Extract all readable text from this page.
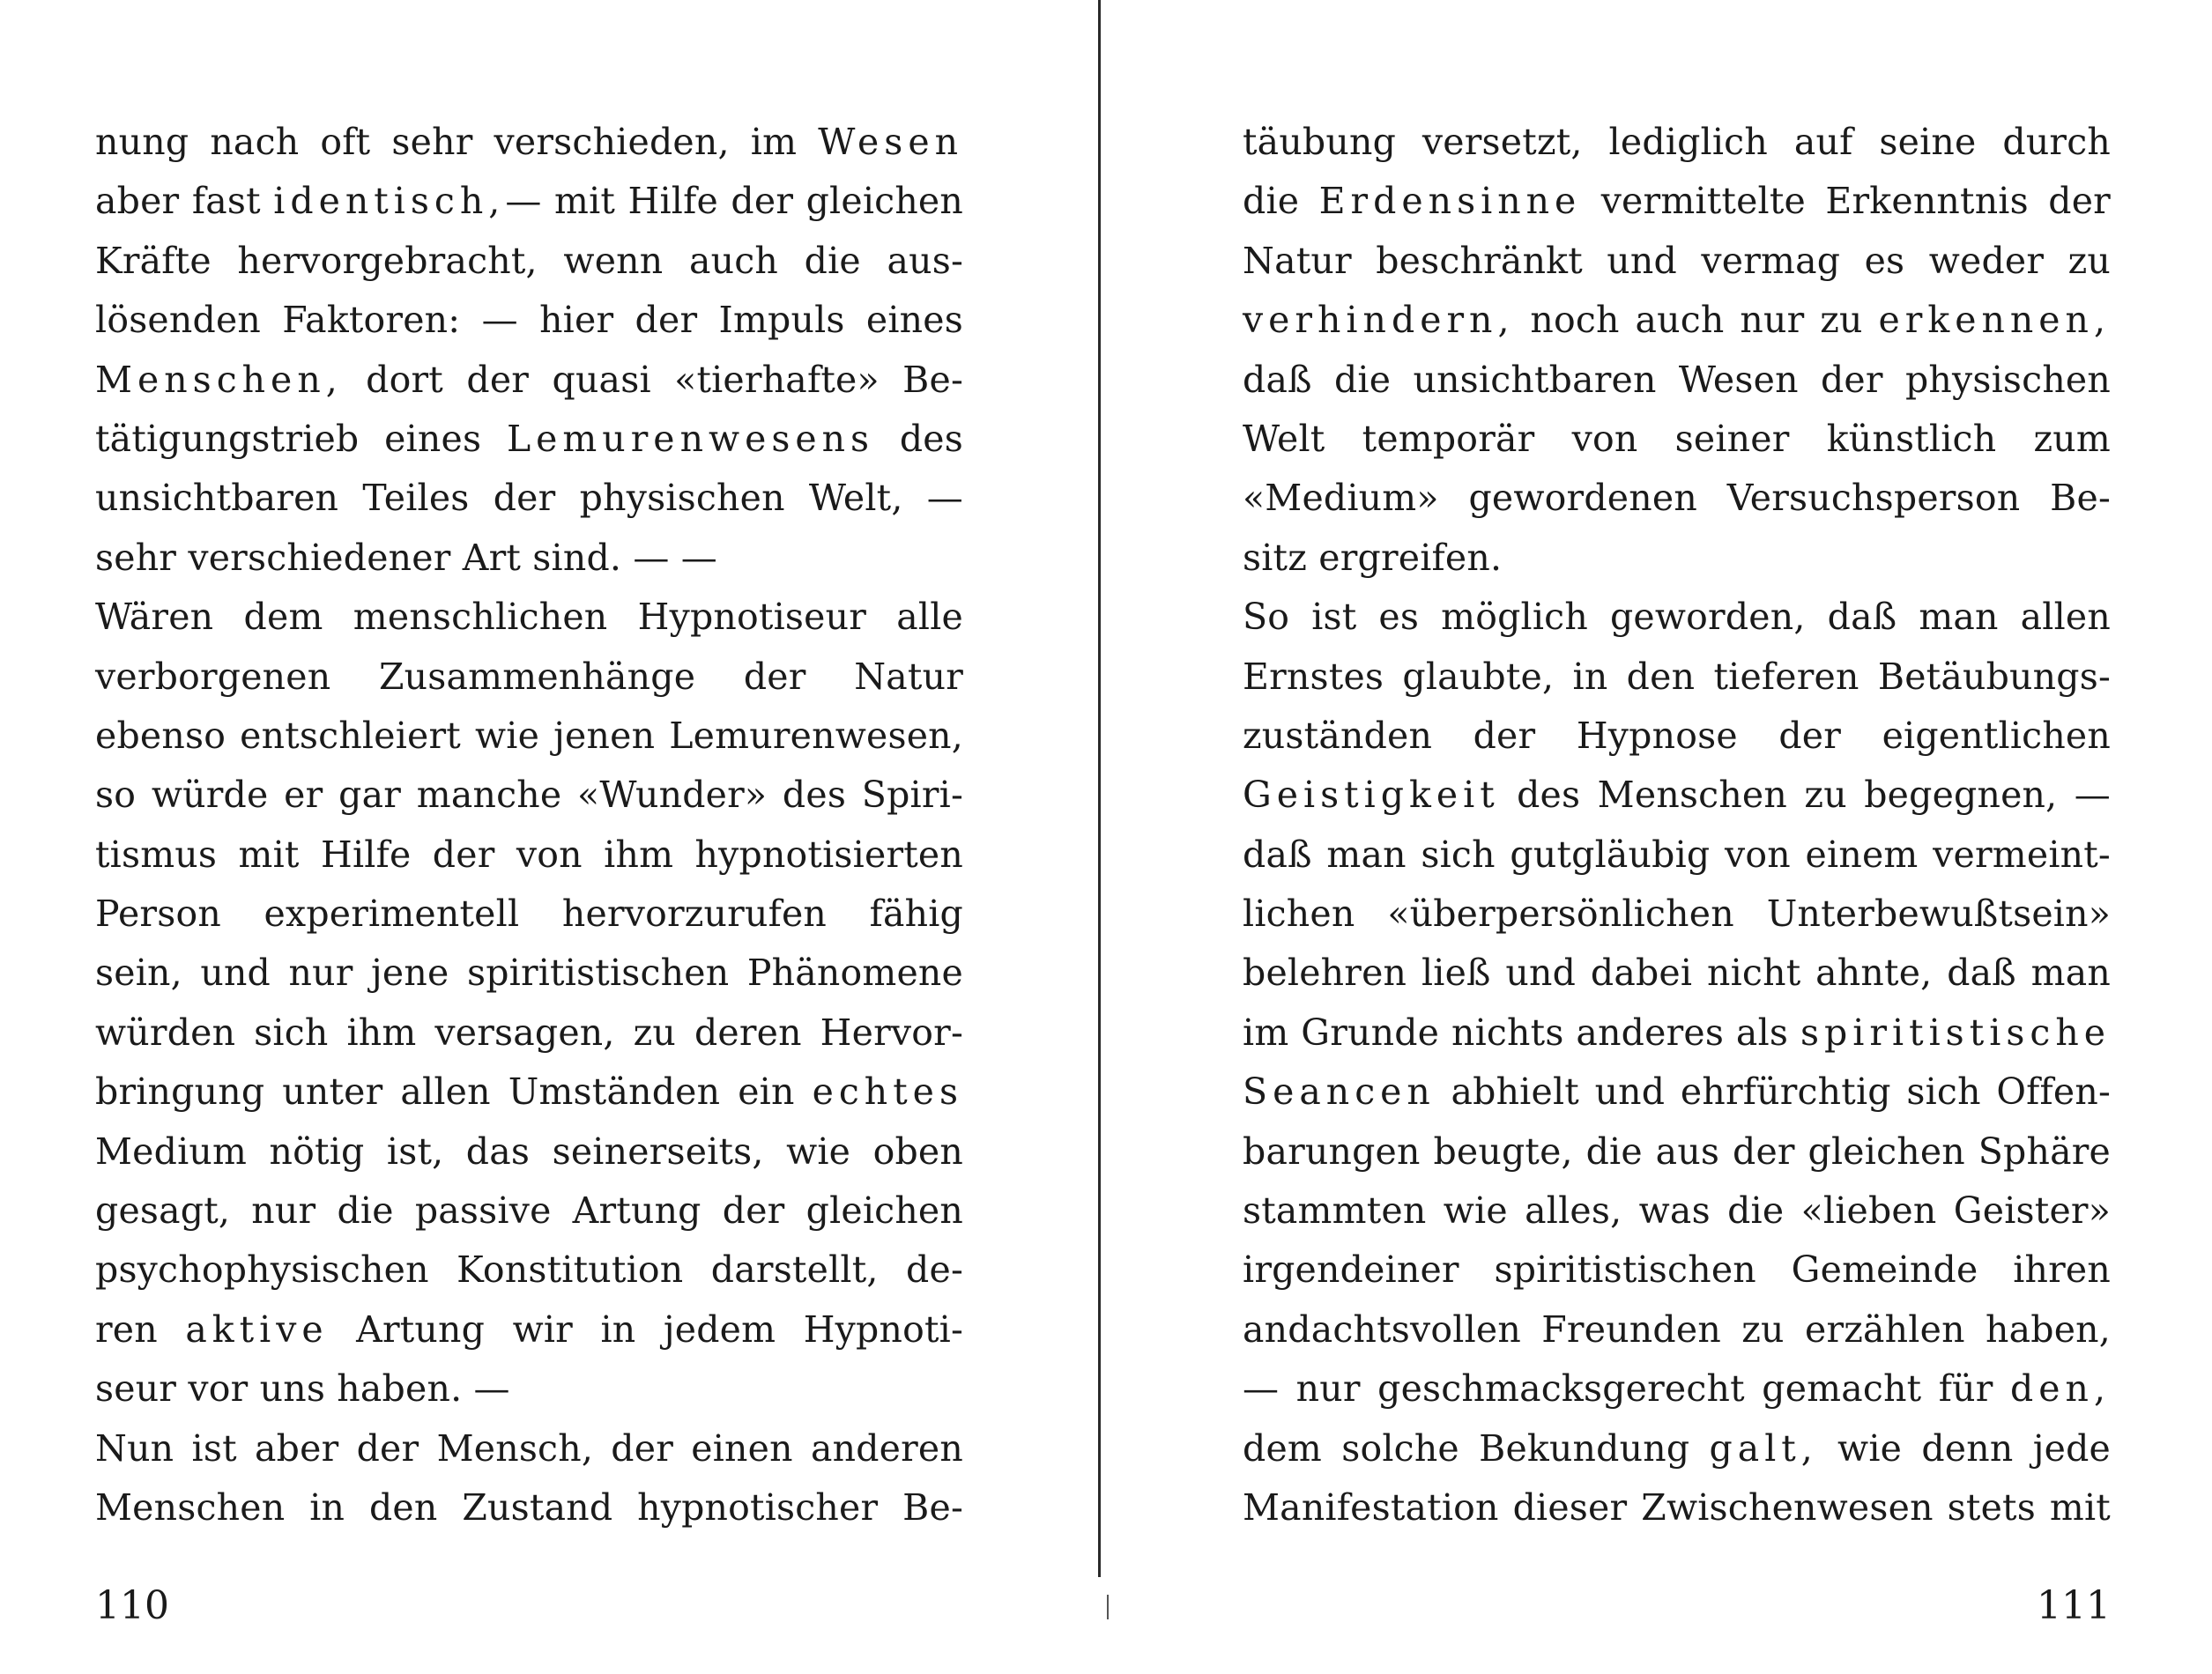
nung nach oft sehr verschieden, im Wesen
aber fast identisch,— mit Hilfe der gleichen
Kräfte hervorgebracht, wenn auch die aus-
lösenden Faktoren: — hier der Impuls eines
Menschen, dort der quasi «tierhafte» Be-
tätigungstrieb eines Lemurenwesens des
unsichtbaren Teiles der physischen Welt, —
sehr verschiedener Art sind. — —
Wären dem menschlichen Hypnotiseur alle
verborgenen Zusammenhänge der Natur
ebenso entschleiert wie jenen Lemurenwesen,
so würde er gar manche «Wunder» des Spiri-
tismus mit Hilfe der von ihm hypnotisierten
Person experimentell hervorzurufen fähig
sein, und nur jene spiritistischen Phänomene
würden sich ihm versagen, zu deren Hervor-
bringung unter allen Umständen ein echtes
Medium nötig ist, das seinerseits, wie oben
gesagt, nur die passive Artung der gleichen
psychophysischen Konstitution darstellt, de-
ren aktive Artung wir in jedem Hypnoti-
seur vor uns haben. —
Nun ist aber der Mensch, der einen anderen
Menschen in den Zustand hypnotischer Be-
110
täubung versetzt, lediglich auf seine durch
die Erdensinne vermittelte Erkenntnis der
Natur beschränkt und vermag es weder zu
verhindern, noch auch nur zu erkennen,
daß die unsichtbaren Wesen der physischen
Welt temporär von seiner künstlich zum
«Medium» gewordenen Versuchsperson Be-
sitz ergreifen.
So ist es möglich geworden, daß man allen
Ernstes glaubte, in den tieferen Betäubungs-
zuständen der Hypnose der eigentlichen
Geistigkeit des Menschen zu begegnen, —
daß man sich gutgläubig von einem vermeint-
lichen «überpersönlichen Unterbewußtsein»
belehren ließ und dabei nicht ahnte, daß man
im Grunde nichts anderes als spiritistische
Seancen abhielt und ehrfürchtig sich Offen-
barungen beugte, die aus der gleichen Sphäre
stammten wie alles, was die «lieben Geister»
irgendeiner spiritistischen Gemeinde ihren
andachtsvollen Freunden zu erzählen haben,
— nur geschmacksgerecht gemacht für den,
dem solche Bekundung galt, wie denn jede
Manifestation dieser Zwischenwesen stets mit
111
